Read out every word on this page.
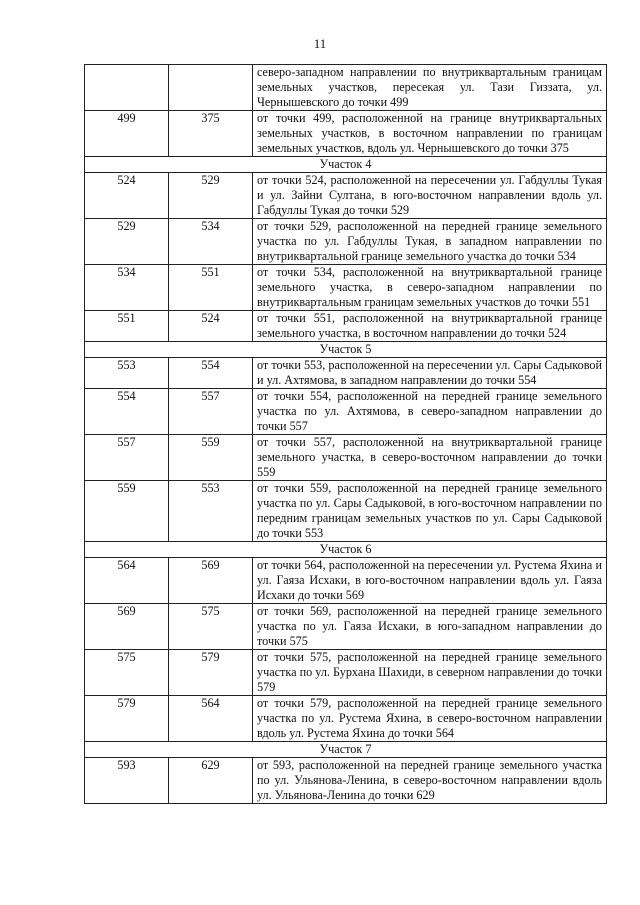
11
		северо-западном направлении по внутриквартальным границам земельных участков, пересекая ул. Тази Гиззата, ул. Чернышевского до точки 499
499	375	от точки 499, расположенной на границе внутриквартальных земельных участков, в восточном направлении по границам земельных участков, вдоль ул. Чернышевского до точки 375
Участок 4		
524	529	от точки 524, расположенной на пересечении ул. Габдуллы Тукая и ул. Зайни Султана, в юго-восточном направлении вдоль ул. Габдуллы Тукая до точки 529
529	534	от точки 529, расположенной на передней границе земельного участка по ул. Габдуллы Тукая, в западном направлении по внутриквартальной границе земельного участка до точки 534
534	551	от точки 534, расположенной на внутриквартальной границе земельного участка, в северо-западном направлении по внутриквартальным границам земельных участков до точки 551
551	524	от точки 551, расположенной на внутриквартальной границе земельного участка, в восточном направлении до точки 524
Участок 5		
553	554	от точки 553, расположенной на пересечении ул. Сары Садыковой и ул. Ахтямова, в западном направлении до точки 554
554	557	от точки 554, расположенной на передней границе земельного участка по ул. Ахтямова, в северо-западном направлении до точки 557
557	559	от точки 557, расположенной на внутриквартальной границе земельного участка, в северо-восточном направлении до точки 559
559	553	от точки 559, расположенной на передней границе земельного участка по ул. Сары Садыковой, в юго-восточном направлении по передним границам земельных участков по ул. Сары Садыковой до точки 553
Участок 6		
564	569	от точки 564, расположенной на пересечении ул. Рустема Яхина и ул. Гаяза Исхаки, в юго-восточном направлении вдоль ул. Гаяза Исхаки до точки 569
569	575	от точки 569, расположенной на передней границе земельного участка по ул. Гаяза Исхаки, в юго-западном направлении до точки 575
575	579	от точки 575, расположенной на передней границе земельного участка по ул. Бурхана Шахиди, в северном направлении до точки 579
579	564	от точки 579, расположенной на передней границе земельного участка по ул. Рустема Яхина, в северо-восточном направлении вдоль ул. Рустема Яхина до точки 564
Участок 7		
593	629	от 593, расположенной на передней границе земельного участка по ул. Ульянова-Ленина, в северо-восточном направлении вдоль ул. Ульянова-Ленина до точки 629
